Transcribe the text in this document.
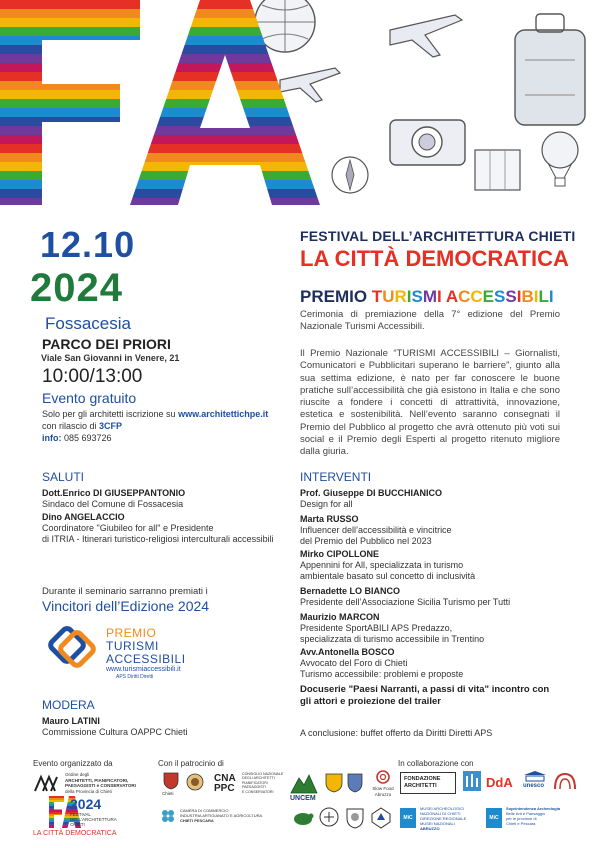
12.10
2024
Fossacesia
PARCO DEI PRIORI
Viale San Giovanni in Venere, 21
10:00/13:00
Evento gratuito
Solo per gli architetti iscrizione su www.architettichpe.it
con rilascio di 3CFP
info: 085 693726
SALUTI
Dott.Enrico DI GIUSEPPANTONIO
Sindaco del Comune di Fossacesia
Dino ANGELACCIO
Coordinatore "Giubileo for all" e Presidente
di ITRIA - Itinerari turistico-religiosi interculturali accessibili
Durante il seminario sarranno premiati i
Vincitori dell’Edizione 2024
PREMIO
TURISMI
ACCESSIBILI
www.turismiaccessibili.it
APS Diritti Diretti
MODERA
Mauro LATINI
Commissione Cultura OAPPC Chieti
FESTIVAL DELL’ARCHITETTURA CHIETI
LA CITTÀ DEMOCRATICA
PREMIO TURISMI ACCESSIBILI
Cerimonia di premiazione della 7° edizione del Premio Nazionale Turismi Accessibili.
Il Premio Nazionale “TURISMI ACCESSIBILI – Giornalisti, Comunicatori e Pubblicitari superano le barriere”, giunto alla sua settima edizione, è nato per far conoscere le buone pratiche sull’accessibilità che già esistono in Italia e che sono riuscite a fondere i concetti di attrattività, innovazione, estetica e sostenibilità. Nell’evento saranno consegnati il Premio del Pubblico al progetto che avrà ottenuto più voti sui social e il Premio degli Esperti al progetto ritenuto migliore dalla giuria.
INTERVENTI
Prof. Giuseppe DI BUCCHIANICO
Design for all
Marta RUSSO
Influencer dell’accessibilità e vincitrice
del Premio del Pubblico nel 2023
Mirko CIPOLLONE
Appennini for All, specializzata in turismo
ambientale basato sul concetto di inclusività
Bernadette LO BIANCO
Presidente dell’Associazione Sicilia Turismo per Tutti
Maurizio MARCON
Presidente SportABILI APS Predazzo,
specializzata di turismo accessibile in Trentino
Avv.Antonella BOSCO
Avvocato del Foro di Chieti
Turismo accessibile: problemi e proposte
Docuserie "Paesi Narranti, a passi di vita" incontro con gli attori e proiezione del trailer
A conclusione: buffet offerto da Diritti Diretti APS
Evento organizzato da	Con il patrocinio di	In collaborazione con
Ordine degli
ARCHITETTI, PIANIFICATORI,
PAESAGGISTI e CONSERVATORI
della Provincia di Chieti
2024
FESTIVAL
DELL’ARCHITETTURA
CHIETI
LA CITTÀ DEMOCRATICA
Chieti
CNA PPC
CONSIGLIO NAZIONALE
DEGLI ARCHITETTI
PIANIFICATORI
PAESAGGISTI
E CONSERVATORI
CAMERA DI COMMERCIO
INDUSTRIA ARTIGIANATO E AGRICOLTURA
CHIETI PESCARA
UNCEM
Slow Food
Abruzzo
FONDAZIONE
ARCHITETTI	DdA unesco
MiC
MUSEI ARCHEOLOGICI
NAZIONALI DI CHIETI
DIREZIONE REGIONALE
MUSEI NAZIONALI
ABRUZZO
MiC
Soprintendenza Archeologia
Belle Arti e Paesaggio
per le province di
Chieti e Pescara
